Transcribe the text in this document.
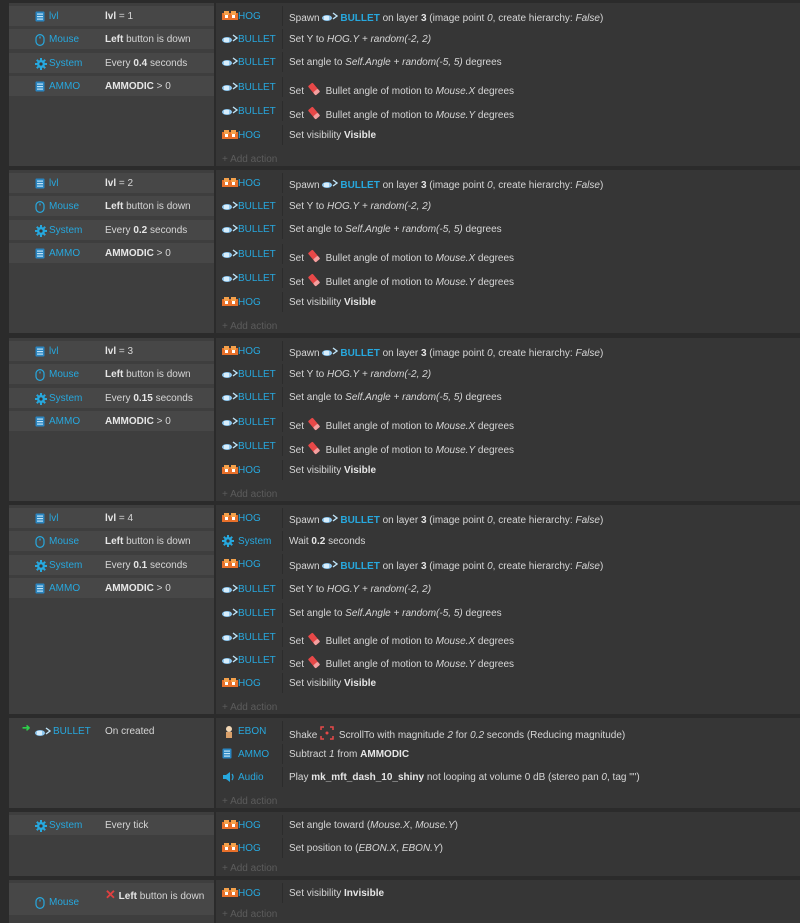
lvl	lvl = 1
Mouse	Left button is down
System Every 0.4 seconds
AMMO AMMODIC > 0
HOG	Spawn BULLET on layer 3 (image point 0, create hierarchy: False)
BULLET Set Y to HOG.Y + random(-2, 2)
BULLET Set angle to Self.Angle + random(-5, 5) degrees
BULLET Set  Bullet angle of motion to Mouse.X degrees
BULLET Set  Bullet angle of motion to Mouse.Y degrees
HOG	Set visibility Visible
+ Add action
lvl	lvl = 2
Mouse	Left button is down
System Every 0.2 seconds
AMMO AMMODIC > 0
HOG	Spawn BULLET on layer 3 (image point 0, create hierarchy: False)
BULLET Set Y to HOG.Y + random(-2, 2)
BULLET Set angle to Self.Angle + random(-5, 5) degrees
BULLET Set  Bullet angle of motion to Mouse.X degrees
BULLET Set  Bullet angle of motion to Mouse.Y degrees
HOG	Set visibility Visible
+ Add action
lvl	lvl = 3
Mouse	Left button is down
System Every 0.15 seconds
AMMO AMMODIC > 0
HOG	Spawn BULLET on layer 3 (image point 0, create hierarchy: False)
BULLET Set Y to HOG.Y + random(-2, 2)
BULLET Set angle to Self.Angle + random(-5, 5) degrees
BULLET Set  Bullet angle of motion to Mouse.X degrees
BULLET Set  Bullet angle of motion to Mouse.Y degrees
HOG	Set visibility Visible
+ Add action
lvl	lvl = 4
Mouse	Left button is down
System Every 0.1 seconds
AMMO AMMODIC > 0
HOG	Spawn BULLET on layer 3 (image point 0, create hierarchy: False)
System Wait 0.2 seconds
HOG	Spawn BULLET on layer 3 (image point 0, create hierarchy: False)
BULLET Set Y to HOG.Y + random(-2, 2)
BULLET Set angle to Self.Angle + random(-5, 5) degrees
BULLET Set  Bullet angle of motion to Mouse.X degrees
BULLET Set  Bullet angle of motion to Mouse.Y degrees
HOG	Set visibility Visible
+ Add action
➜ BULLET On created	EBON Shake  ScrollTo with magnitude 2 for 0.2 seconds (Reducing magnitude)
AMMO Subtract 1 from AMMODIC
Audio	Play mk_mft_dash_10_shiny not looping at volume 0 dB (stereo pan 0, tag "")
+ Add action
System Every tick	HOG	Set angle toward (Mouse.X, Mouse.Y)
HOG	Set position to (EBON.X, EBON.Y)
+ Add action
Mouse
✕ Left button is down	HOG	Set visibility Invisible
+ Add action
